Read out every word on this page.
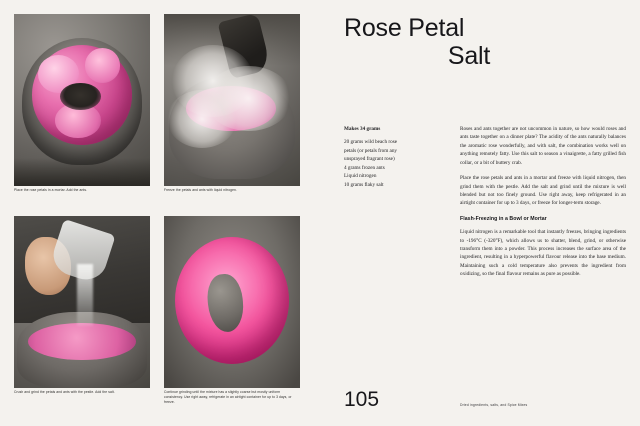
Place the rose petals in a mortar. Add the ants.	Freeze the petals and ants with liquid nitrogen.
Crush and grind the petals and ants with the pestle. Add the salt.	Continue grinding until the mixture has a slightly coarse but mostly uniform consistency. Use right away, refrigerate in an airtight container for up to 3 days, or freeze.
Rose Petal
Salt
Makes 34 grams
20 grams wild beach rose
petals (or petals from any
unsprayed fragrant rose)
4 grams frozen ants
Liquid nitrogen
10 grams flaky salt

Roses and ants together are not uncommon in nature, so how would roses and ants taste together on a dinner plate? The acidity of the ants naturally balances the aromatic rose wonderfully, and with salt, the combination works well on anything remotely fatty. Use this salt to season a vinaigrette, a fatty grilled fish collar, or a bit of buttery crab.

Place the rose petals and ants in a mortar and freeze with liquid nitrogen, then grind them with the pestle. Add the salt and grind until the mixture is well blended but not too finely ground. Use right away, keep refrigerated in an airtight container for up to 3 days, or freeze for longer-term storage.

Flash-Freezing in a Bowl or Mortar

Liquid nitrogen is a remarkable tool that instantly freezes, bringing ingredients to -196°C (-320°F), which allows us to shatter, blend, grind, or otherwise transform them into a powder. This process increases the surface area of the ingredient, resulting in a hyperpowerful flavour release into the base medium. Maintaining such a cold temperature also prevents the ingredient from oxidizing, so the final flavour remains as pure as possible.

105	Dried ingredients, salts, and Spice Mixes
